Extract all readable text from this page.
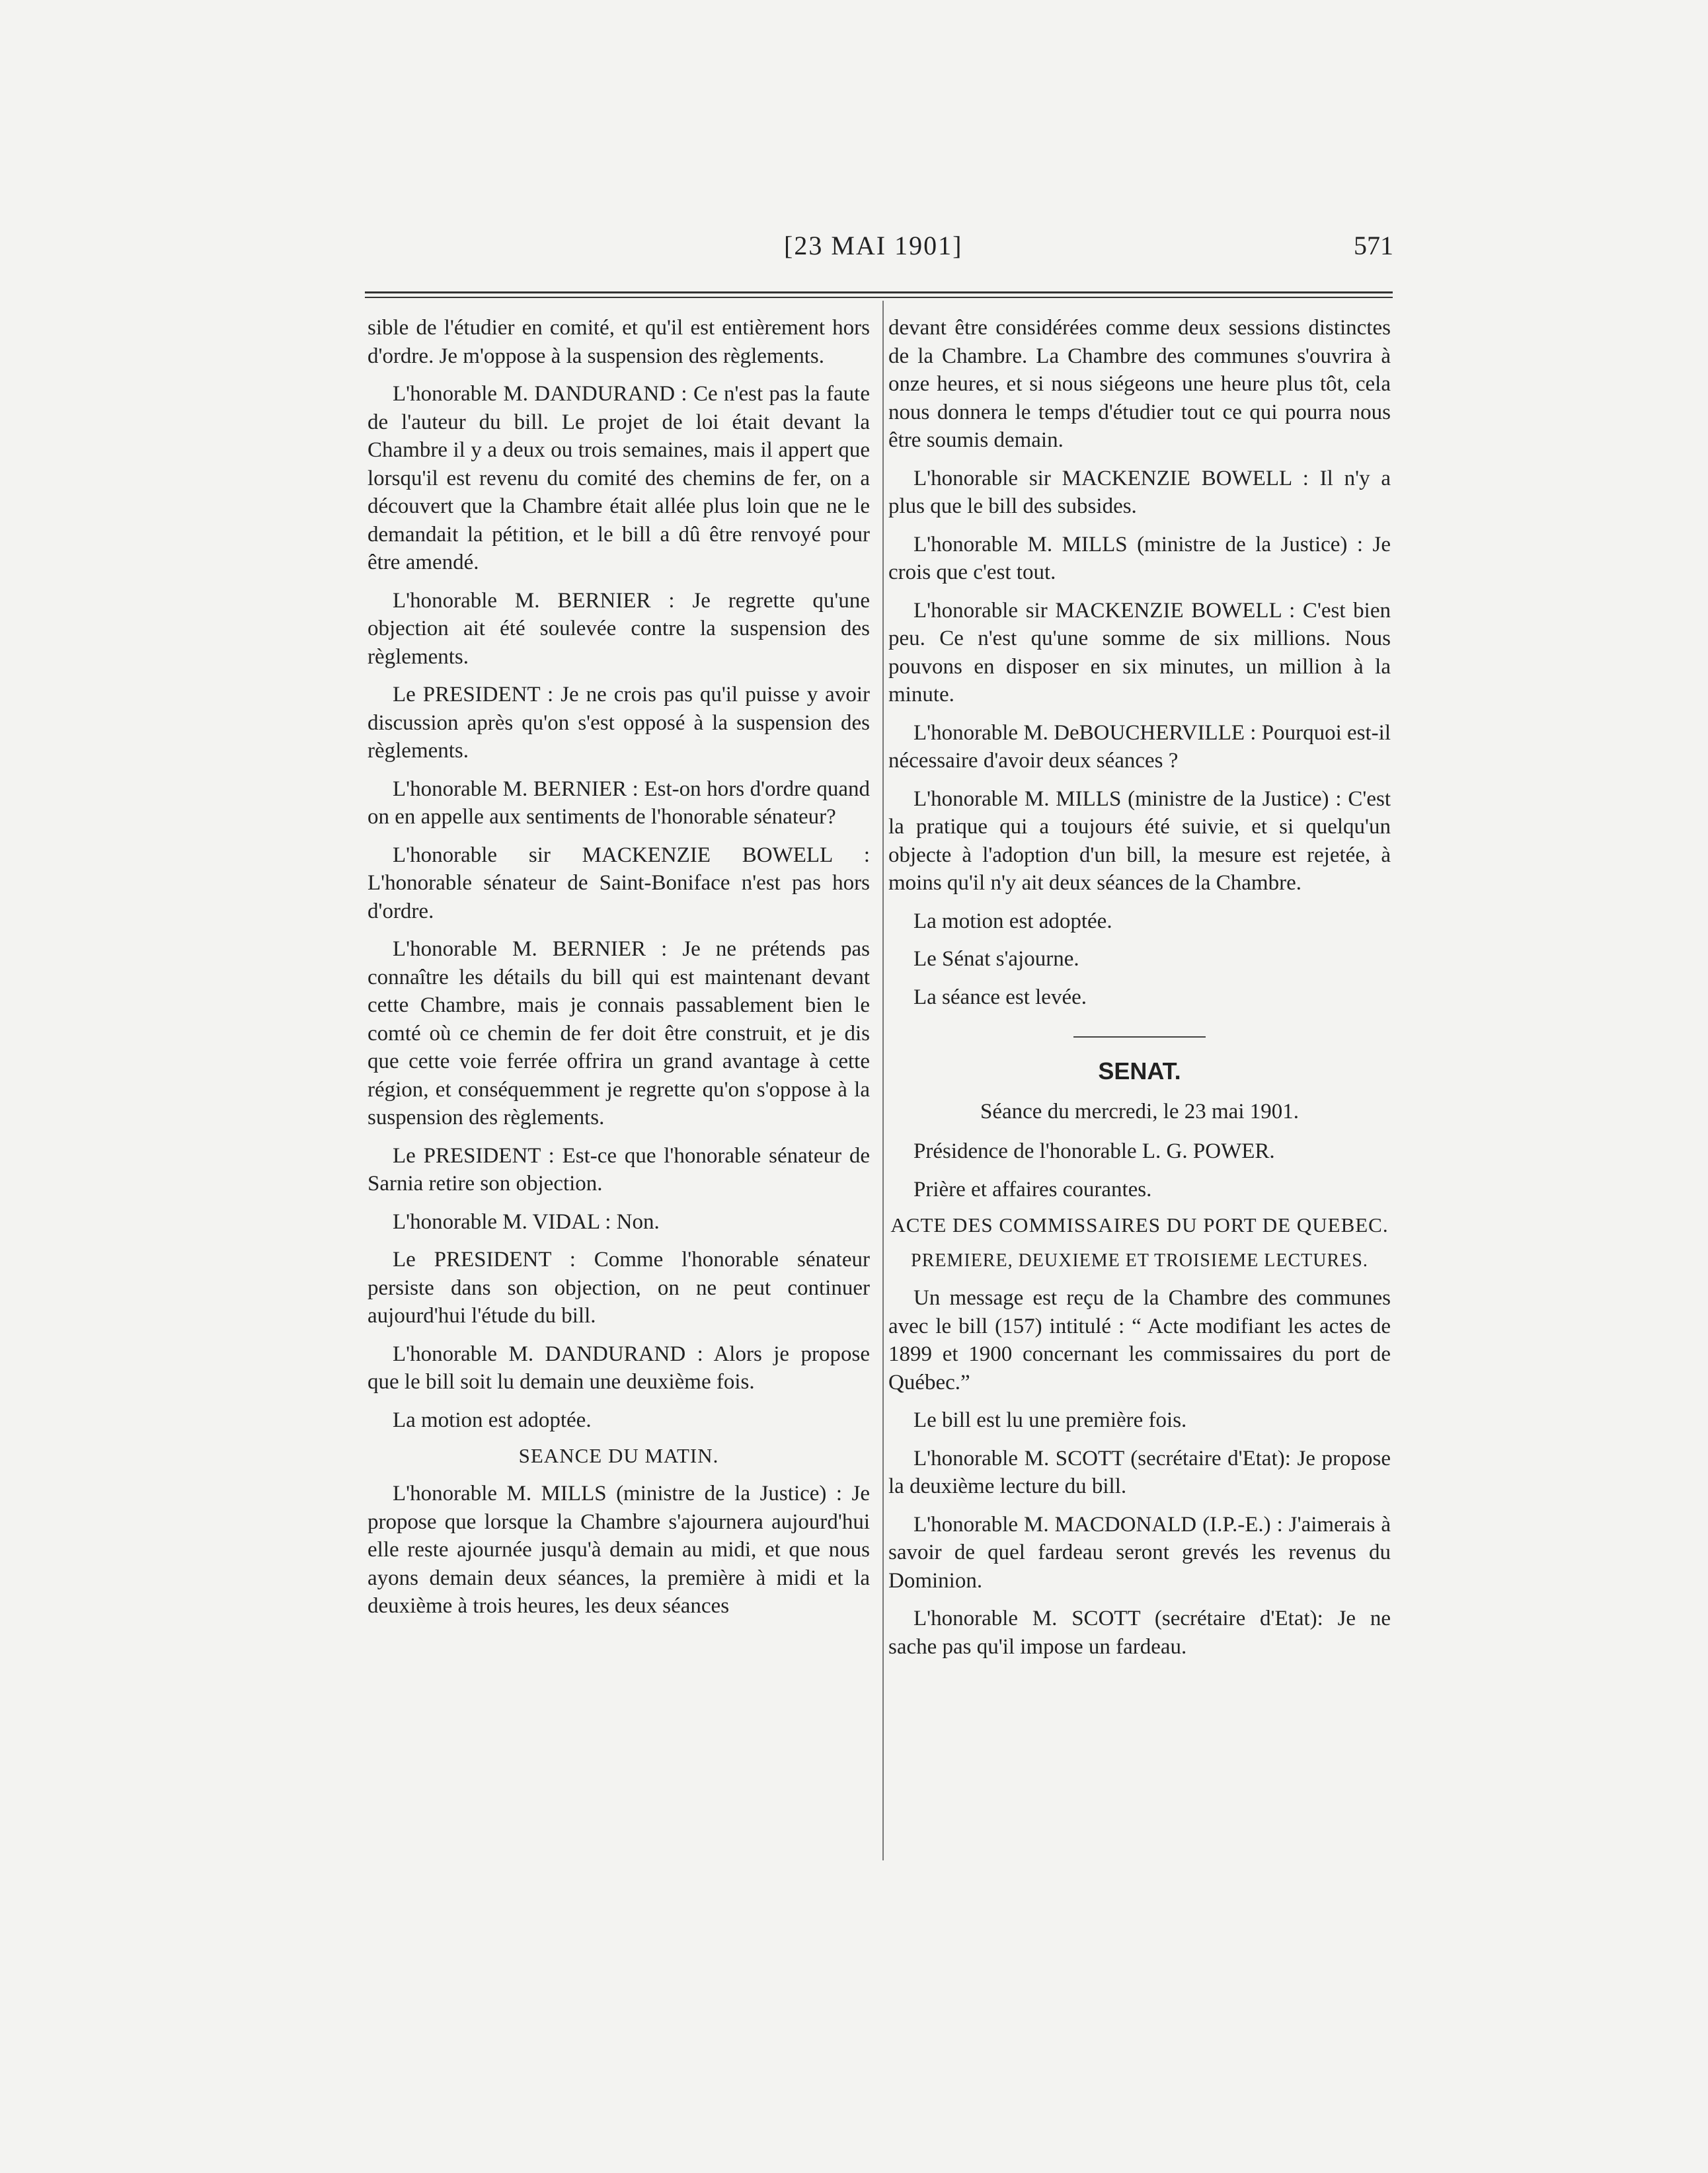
[23 MAI 1901]	571

sible de l'étudier en comité, et qu'il est entièrement hors d'ordre. Je m'oppose à la suspension des règlements.

L'honorable M. DANDURAND : Ce n'est pas la faute de l'auteur du bill. Le projet de loi était devant la Chambre il y a deux ou trois semaines, mais il appert que lorsqu'il est revenu du comité des chemins de fer, on a découvert que la Chambre était allée plus loin que ne le demandait la pétition, et le bill a dû être renvoyé pour être amendé.

L'honorable M. BERNIER : Je regrette qu'une objection ait été soulevée contre la suspension des règlements.

Le PRESIDENT : Je ne crois pas qu'il puisse y avoir discussion après qu'on s'est opposé à la suspension des règlements.

L'honorable M. BERNIER : Est-on hors d'ordre quand on en appelle aux sentiments de l'honorable sénateur?

L'honorable sir MACKENZIE BOWELL : L'honorable sénateur de Saint-Boniface n'est pas hors d'ordre.

L'honorable M. BERNIER : Je ne prétends pas connaître les détails du bill qui est maintenant devant cette Chambre, mais je connais passablement bien le comté où ce chemin de fer doit être construit, et je dis que cette voie ferrée offrira un grand avantage à cette région, et conséquemment je regrette qu'on s'oppose à la suspension des règlements.

Le PRESIDENT : Est-ce que l'honorable sénateur de Sarnia retire son objection.

L'honorable M. VIDAL : Non.

Le PRESIDENT : Comme l'honorable sénateur persiste dans son objection, on ne peut continuer aujourd'hui l'étude du bill.

L'honorable M. DANDURAND : Alors je propose que le bill soit lu demain une deuxième fois.

La motion est adoptée.

SEANCE DU MATIN.

L'honorable M. MILLS (ministre de la Justice) : Je propose que lorsque la Chambre s'ajournera aujourd'hui elle reste ajournée jusqu'à demain au midi, et que nous ayons demain deux séances, la première à midi et la deuxième à trois heures, les deux séances

devant être considérées comme deux sessions distinctes de la Chambre. La Chambre des communes s'ouvrira à onze heures, et si nous siégeons une heure plus tôt, cela nous donnera le temps d'étudier tout ce qui pourra nous être soumis demain.

L'honorable sir MACKENZIE BOWELL : Il n'y a plus que le bill des subsides.

L'honorable M. MILLS (ministre de la Justice) : Je crois que c'est tout.

L'honorable sir MACKENZIE BOWELL : C'est bien peu. Ce n'est qu'une somme de six millions. Nous pouvons en disposer en six minutes, un million à la minute.

L'honorable M. DeBOUCHERVILLE : Pourquoi est-il nécessaire d'avoir deux séances ?

L'honorable M. MILLS (ministre de la Justice) : C'est la pratique qui a toujours été suivie, et si quelqu'un objecte à l'adoption d'un bill, la mesure est rejetée, à moins qu'il n'y ait deux séances de la Chambre.

La motion est adoptée.

Le Sénat s'ajourne.

La séance est levée.

SENAT.

Séance du mercredi, le 23 mai 1901.

Présidence de l'honorable L. G. POWER.

Prière et affaires courantes.

ACTE DES COMMISSAIRES DU PORT DE QUEBEC.

PREMIERE, DEUXIEME ET TROISIEME LECTURES.

Un message est reçu de la Chambre des communes avec le bill (157) intitulé : “ Acte modifiant les actes de 1899 et 1900 concernant les commissaires du port de Québec.”

Le bill est lu une première fois.

L'honorable M. SCOTT (secrétaire d'Etat): Je propose la deuxième lecture du bill.

L'honorable M. MACDONALD (I.P.-E.) : J'aimerais à savoir de quel fardeau seront grevés les revenus du Dominion.

L'honorable M. SCOTT (secrétaire d'Etat): Je ne sache pas qu'il impose un fardeau.
